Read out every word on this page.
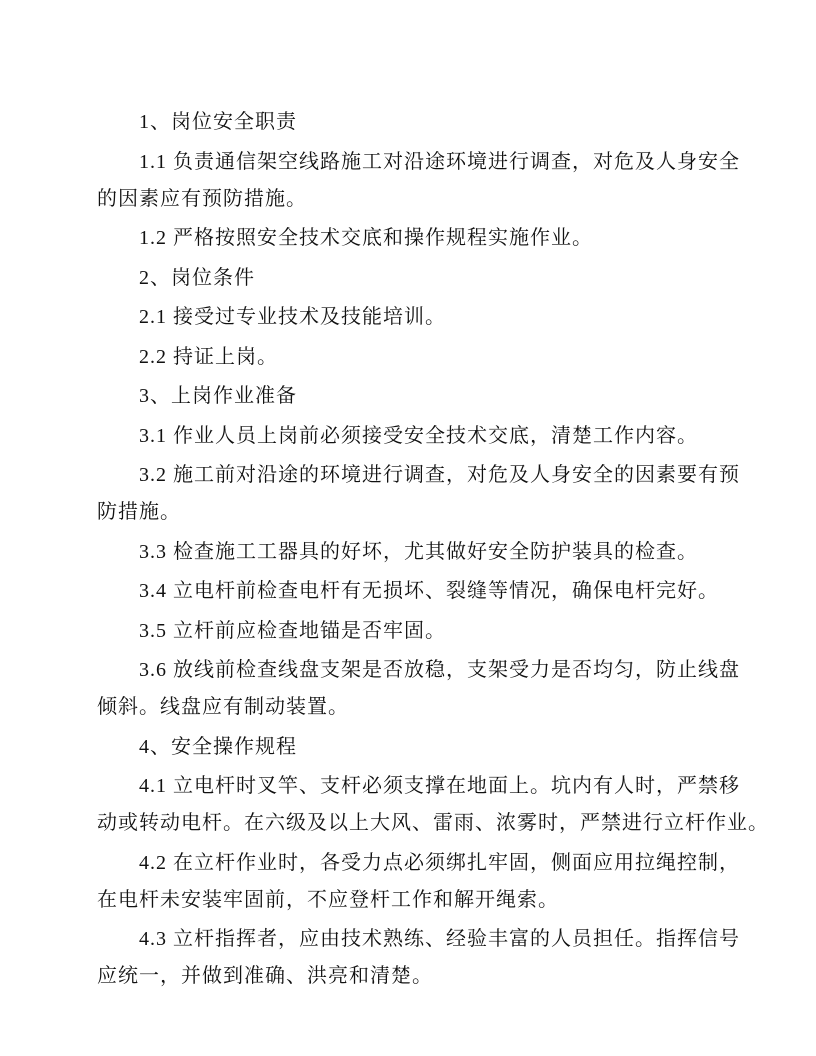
1、岗位安全职责
1.1 负责通信架空线路施工对沿途环境进行调查，对危及人身安全
的因素应有预防措施。
1.2 严格按照安全技术交底和操作规程实施作业。
2、岗位条件
2.1 接受过专业技术及技能培训。
2.2 持证上岗。
3、上岗作业准备
3.1 作业人员上岗前必须接受安全技术交底，清楚工作内容。
3.2 施工前对沿途的环境进行调查，对危及人身安全的因素要有预
防措施。
3.3 检查施工工器具的好坏，尤其做好安全防护装具的检查。
3.4 立电杆前检查电杆有无损坏、裂缝等情况，确保电杆完好。
3.5 立杆前应检查地锚是否牢固。
3.6 放线前检查线盘支架是否放稳，支架受力是否均匀，防止线盘
倾斜。线盘应有制动装置。
4、安全操作规程
4.1 立电杆时叉竿、支杆必须支撑在地面上。坑内有人时，严禁移
动或转动电杆。在六级及以上大风、雷雨、浓雾时，严禁进行立杆作业。
4.2 在立杆作业时，各受力点必须绑扎牢固，侧面应用拉绳控制，
在电杆未安装牢固前，不应登杆工作和解开绳索。
4.3 立杆指挥者，应由技术熟练、经验丰富的人员担任。指挥信号
应统一，并做到准确、洪亮和清楚。
